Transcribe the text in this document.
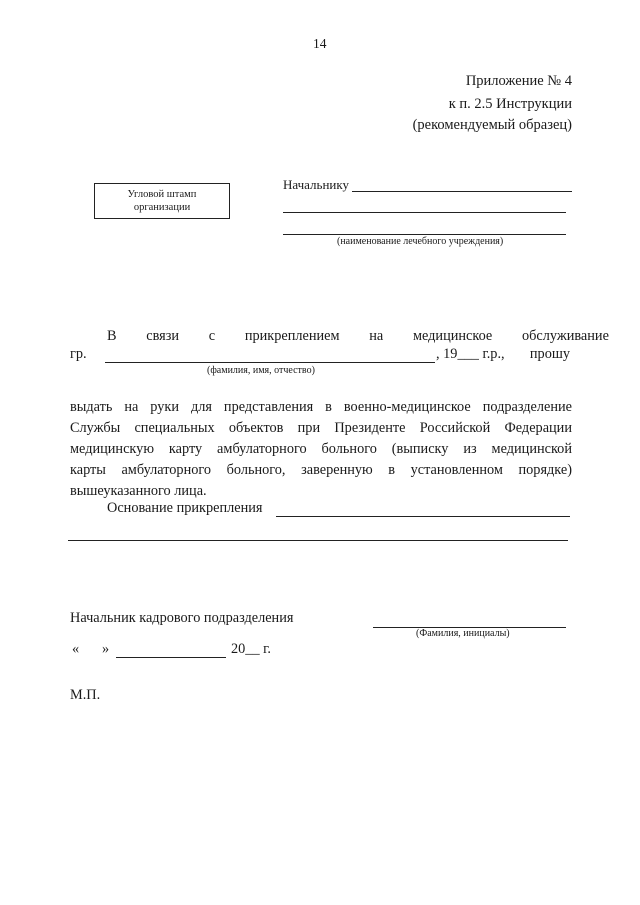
14
Приложение № 4
к п. 2.5 Инструкции
(рекомендуемый образец)
Угловой штамп
организации
Начальнику
(наименование лечебного учреждения)
В связи с прикреплением на медицинское обслуживание
гр.	, 19___ г.р., прошу
(фамилия, имя, отчество)
выдать на руки для представления в военно-медицинское подразделение
Службы специальных объектов при Президенте Российской Федерации
медицинскую карту амбулаторного больного (выписку из медицинской
карты амбулаторного больного, заверенную в установленном порядке)
вышеуказанного лица.
Основание прикрепления
Начальник кадрового подразделения
(Фамилия, инициалы)
« »	20__ г.
М.П.
